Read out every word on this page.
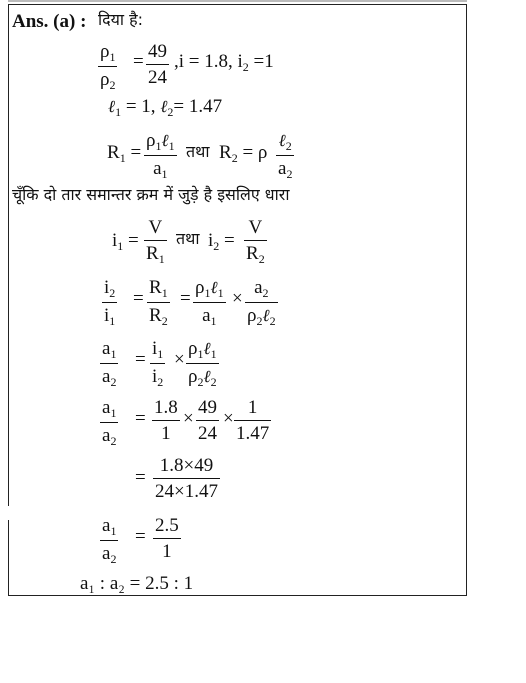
Ans. (a) : दिया है:
$\rho_1$
$\rho_2$
= 49
24
,i = 1.8, $i_2 =1$
ℓ$_1$ = 1, ℓ$_2$= 1.47
$R_1$ =
$\rho_1\ell_1$
$a_1$
तथा $R_2 = \rho$
ℓ$_2$
$a_2$
चूँकि दो तार समान्तर क्रम में जुड़े है इसलिए धारा
$i_1$ =
V
$R_1$
तथा $i_2$ =
V
$R_2$
$i_2$
$i_1$
=
$R_1$
$R_2$
=
$\rho_1\ell_1$
$a_1$
×
$a_2$
$\rho_2\ell_2$
$a_1$
$a_2$
=
$i_1$
$i_2$
×
$\rho_1\ell_1$
$\rho_2\ell_2$
$a_1$
$a_2$
=
1.8
1
×
49
24
×
1
1.47
=
1.8×49
24×1.47
$a_1$
$a_2$
=
2.5
1
a₁ : a₂ = 2.5 : 1
